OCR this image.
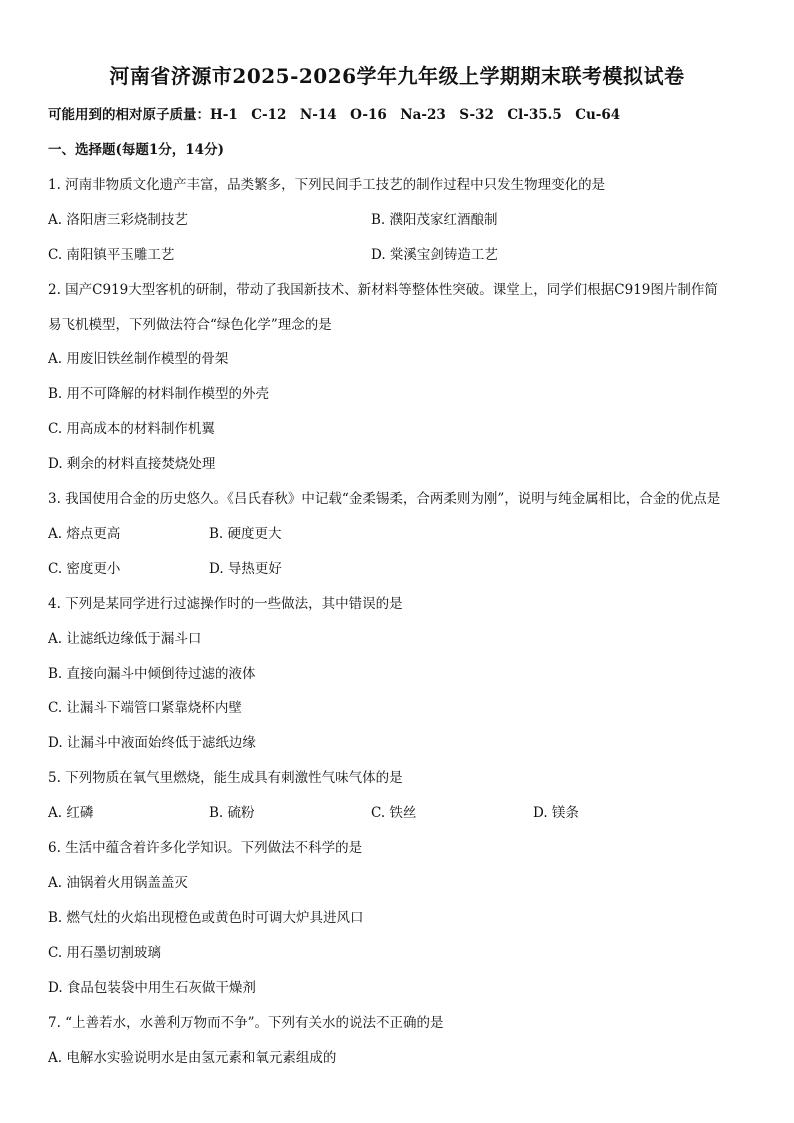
河南省济源市2025-2026学年九年级上学期期末联考模拟试卷
可能用到的相对原子质量：H-1　C-12　N-14　O-16　Na-23　S-32　Cl-35.5　Cu-64
一、选择题(每题1分，14分)
1. 河南非物质文化遗产丰富，品类繁多，下列民间手工技艺的制作过程中只发生物理变化的是
A. 洛阳唐三彩烧制技艺	B. 濮阳茂家红酒酿制
C. 南阳镇平玉雕工艺	D. 棠溪宝剑铸造工艺
2. 国产C919大型客机的研制，带动了我国新技术、新材料等整体性突破。课堂上，同学们根据C919图片制作简
易飞机模型，下列做法符合“绿色化学”理念的是
A. 用废旧铁丝制作模型的骨架
B. 用不可降解的材料制作模型的外壳
C. 用高成本的材料制作机翼
D. 剩余的材料直接焚烧处理
3. 我国使用合金的历史悠久。《吕氏春秋》中记载“金柔锡柔，合两柔则为刚”，说明与纯金属相比，合金的优点是
A. 熔点更高	B. 硬度更大
C. 密度更小	D. 导热更好
4. 下列是某同学进行过滤操作时的一些做法，其中错误的是
A. 让滤纸边缘低于漏斗口
B. 直接向漏斗中倾倒待过滤的液体
C. 让漏斗下端管口紧靠烧杯内壁
D. 让漏斗中液面始终低于滤纸边缘
5. 下列物质在氧气里燃烧，能生成具有刺激性气味气体的是
A. 红磷	B. 硫粉	C. 铁丝	D. 镁条
6. 生活中蕴含着许多化学知识。下列做法不科学的是
A. 油锅着火用锅盖盖灭
B. 燃气灶的火焰出现橙色或黄色时可调大炉具进风口
C. 用石墨切割玻璃
D. 食品包装袋中用生石灰做干燥剂
7. “上善若水，水善利万物而不争”。下列有关水的说法不正确的是
A. 电解水实验说明水是由氢元素和氧元素组成的
